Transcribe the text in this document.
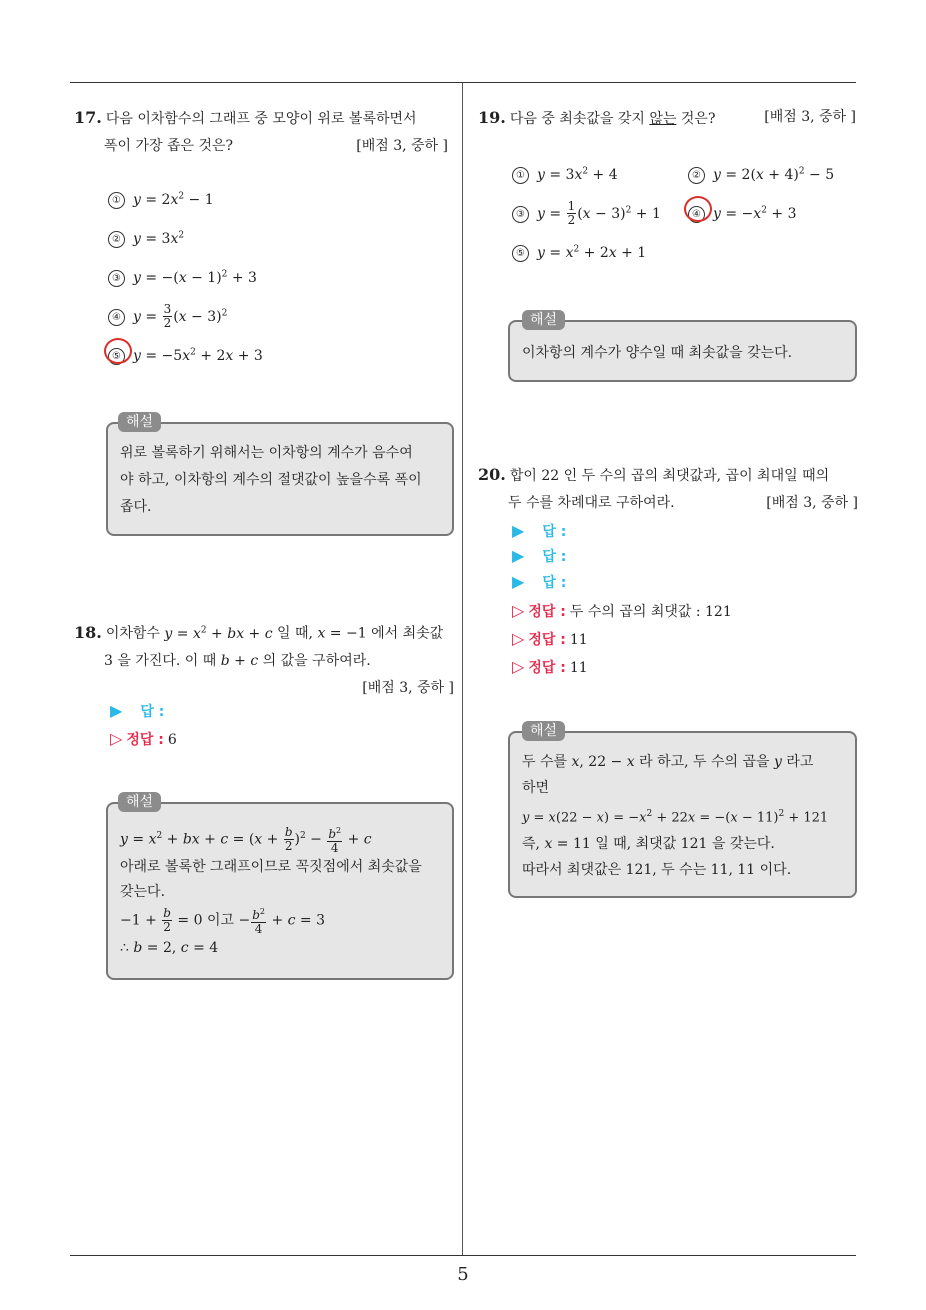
17. 다음 이차함수의 그래프 중 모양이 위로 볼록하면서
폭이 가장 좁은 것은?	[배점 3, 중하 ]
① $y = 2x^2 - 1$
② $y = 3x^2$
③ $y = -(x - 1)^2 + 3$
④ $y = \frac{3}{2} (x - 3)^2$
⑤ $y = -5x^2 + 2x + 3$
위로 볼록하기 위해서는 이차항의 계수가 음수여
야 하고, 이차항의 계수의 절댓값이 높을수록 폭이
좁다.
해설
18. 이차함수 $y = x^2$ + bx + c 일 때, x = −1 에서 최솟값
3 을 가진다. 이 때 b + c 의 값을 구하여라.

[배점 3, 중하 ]
▶ 답 :
▷ 정답 : 6
$y = x^2$ + bx + $c = (x + \frac{b}{2} )^2 - \frac{b^2}{4} + c$
아래로 볼록한 그래프이므로 꼭짓점에서 최솟값을
갖는다.
$-1 + \frac{b}{2} = 0$ 이고 − $\frac{b^2}{4} + c = 3$
∴ b = 2, c = 4
해설
19. 다음 중 최솟값을 갖지 않는 것은?	[배점 3, 중하 ]
① $y = 3x^2 + 4$	② $y = 2(x + 4)^2 - 5$
③ $y = \frac{1}{2} (x - 3)^2 + 1$	④ $y = -x^2 + 3$
⑤ $y = x^2 + 2x + 1$
이차항의 계수가 양수일 때 최솟값을 갖는다.
해설
20. 합이 22 인 두 수의 곱의 최댓값과, 곱이 최대일 때의
두 수를 차례대로 구하여라.	[배점 3, 중하 ]
▶ 답 :
▶ 답 :
▶ 답 :
▷ 정답 : 두 수의 곱의 최댓값 : 121
▷ 정답 : 11
▷ 정답 : 11
두 수를 x, 22 − x 라 하고, 두 수의 곱을 y 라고
하면
$y = x(22 - x) = -x^2 + 22x = -(x - 11)^2 + 121$
즉, x = 11 일 때, 최댓값 121 을 갖는다.
따라서 최댓값은 121, 두 수는 11, 11 이다.
해설
5
